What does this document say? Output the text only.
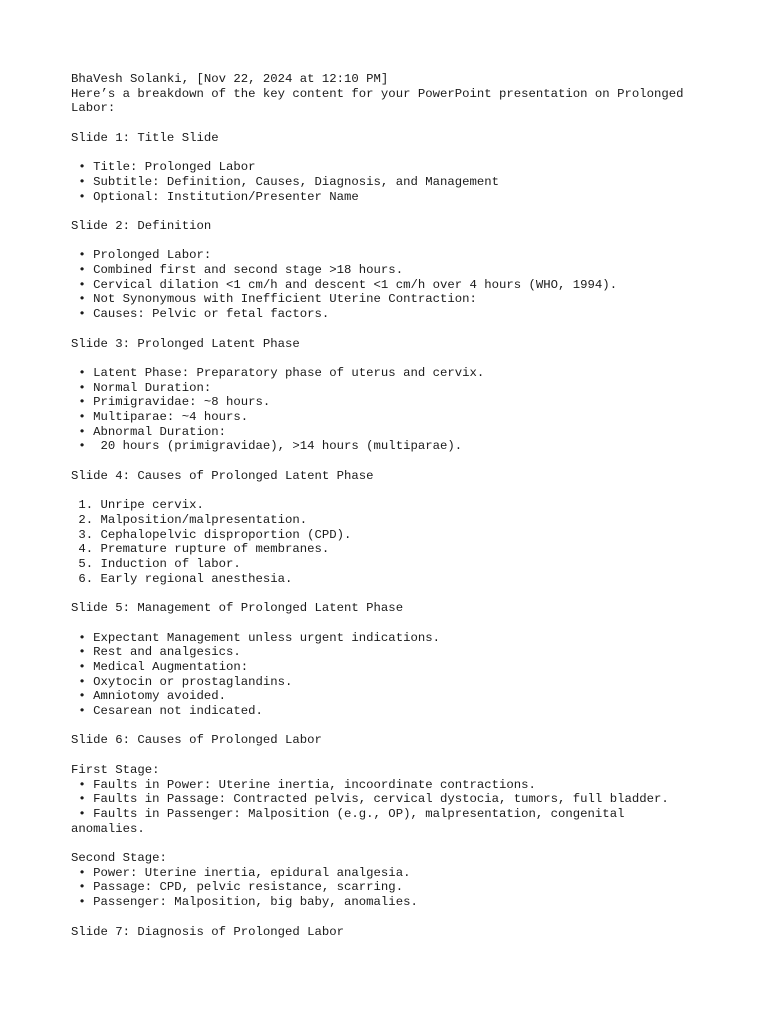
BhaVesh Solanki, [Nov 22, 2024 at 12:10 PM]
Here’s a breakdown of the key content for your PowerPoint presentation on Prolonged
Labor:
Slide 1: Title Slide
• Title: Prolonged Labor
• Subtitle: Definition, Causes, Diagnosis, and Management
• Optional: Institution/Presenter Name
Slide 2: Definition
• Prolonged Labor:
• Combined first and second stage >18 hours.
• Cervical dilation <1 cm/h and descent <1 cm/h over 4 hours (WHO, 1994).
• Not Synonymous with Inefficient Uterine Contraction:
• Causes: Pelvic or fetal factors.
Slide 3: Prolonged Latent Phase
• Latent Phase: Preparatory phase of uterus and cervix.
• Normal Duration:
• Primigravidae: ~8 hours.
• Multiparae: ~4 hours.
• Abnormal Duration:
•  20 hours (primigravidae), >14 hours (multiparae).
Slide 4: Causes of Prolonged Latent Phase
1. Unripe cervix.
2. Malposition/malpresentation.
3. Cephalopelvic disproportion (CPD).
4. Premature rupture of membranes.
5. Induction of labor.
6. Early regional anesthesia.
Slide 5: Management of Prolonged Latent Phase
• Expectant Management unless urgent indications.
• Rest and analgesics.
• Medical Augmentation:
• Oxytocin or prostaglandins.
• Amniotomy avoided.
• Cesarean not indicated.
Slide 6: Causes of Prolonged Labor
First Stage:
• Faults in Power: Uterine inertia, incoordinate contractions.
• Faults in Passage: Contracted pelvis, cervical dystocia, tumors, full bladder.
• Faults in Passenger: Malposition (e.g., OP), malpresentation, congenital
anomalies.
Second Stage:
• Power: Uterine inertia, epidural analgesia.
• Passage: CPD, pelvic resistance, scarring.
• Passenger: Malposition, big baby, anomalies.
Slide 7: Diagnosis of Prolonged Labor
